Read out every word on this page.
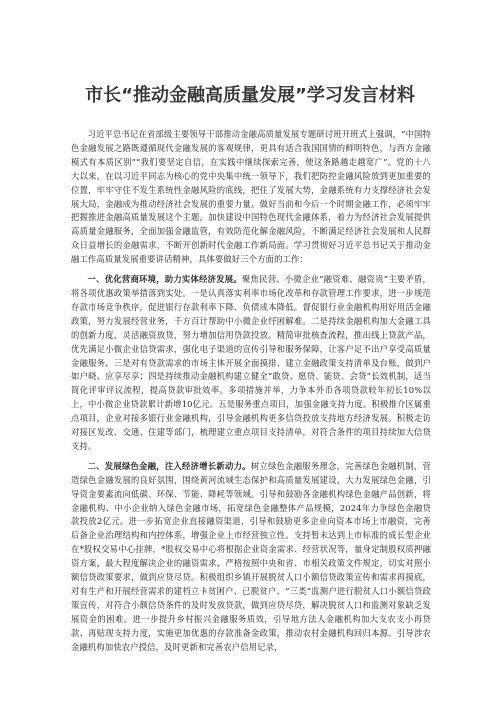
市长“推动金融高质量发展”学习发言材料

习近平总书记在省部级主要领导干部推动金融高质量发展专题研讨班开班式上强调，“中国特色金融发展之路既遵循现代金融发展的客观规律，更具有适合我国国情的鲜明特色，与西方金融模式有本质区别”“我们要坚定自信，在实践中继续探索完善，使这条路越走越宽广”。党的十八大以来，在以习近平同志为核心的党中央集中统一领导下，我们把防控金融风险放到更加重要的位置，牢牢守住不发生系统性金融风险的底线，把住了发展大势，金融系统有力支撑经济社会发展大局，金融成为推动经济社会发展的重要力量。做好当前和今后一个时期金融工作，必须牢牢把握推进金融高质量发展这个主题，加快建设中国特色现代金融体系，着力为经济社会发展提供高质量金融服务，全面加强金融监管，有效防范化解金融风险，不断满足经济社会发展和人民群众日益增长的金融需求，不断开创新时代金融工作新局面。学习贯彻好习近平总书记关于推动金融工作高质量发展重要讲话精神，具体要做好三个方面的工作：

一、优化营商环境，助力实体经济发展。聚焦民营、小微企业“融资难、融资贵”主要矛盾，将各项优惠政策举措落到实处。一是认真落实利率市场化改革和存款管理工作要求，进一步规范存款市场竞争秩序，促进银行存款利率下降、负债成本降低。督促银行业金融机构用好用活金融政策，努力发展经营业务，千方百计帮助中小微企业纾困解难。二是持续金融机构加大金融工具的创新力度，灵活融资放贷，努力增加信用贷款投放。精简审批核查流程，推出线上贷款产品，优先满足小微企业信贷需求，强化电子渠道的宣传引导和服务保障，让客户足不出户享受高质量金融服务。三是对有贷款需求的市场主体开展全面摸排、建立金融政策支持清单及台账，做到户如户晓、应享尽享；四是持续推动金融机构建立健全“敢贷、愿贷、能贷、会贷”长效机制，适当简化评审评议流程，提高贷款审批效率。多项措施并举，力争本外币各项贷款较年初长10%以上，中小微企业贷款累计新增10亿元。五是服务重点项目，加强金融支持力度。积极推介区属重点项目，企业对接多银行业金融机构，引导金融机构更多信贷投放支持地方经济发展。积极走访对接区发改、交通、住建等部门，梳理建立重点项目支持清单，对符合条件的项目持续加大信贷支持。

二、发展绿色金融，注入经济增长新动力。树立绿色金融服务理念，完善绿色金融机制，营造绿色金融发展的良好氛围，围绕黄河流域生态保护和高质量发展建设，大力发展绿色金融，引导资金要素流向低碳、环保、节能、降耗等领域。引导和鼓励各金融机构绿色金融产品创新，将金融机构、中小企业纳入绿色金融市场，拓宽绿色金融整体产品规模，2024年力争绿色金融贷款投放2亿元。进一步拓宽企业直接融资渠道，引导和鼓励更多企业向资本市场上市融资，完善后备企业治理结构和内控体系，增强企业上市经营独立性。支持暂未达到上市标准的成长型企业在*股权交易中心挂牌，*股权交易中心将根据企业资金需求、经营状况等，量身定制股权质押融资方案，最大程度解决企业的融资需求。严格按照中央和省、市相关政策文件规定，切实对照小额信贷政策要求，做到应贷尽贷。积极组织乡镇开展脱贫人口小额信贷政策宣传和需求再摸底，对有生产和开展经营需求的建档立卡贫困户、已脱贫户、“三类”监测户进行脱贫人口小额信贷政策宣传，对符合小额信贷条件的及时发放贷款，做到应贷尽贷，解决脱贫人口和监测对象缺乏发展资金的困难。进一步提升乡村振兴金融服务质效，引导地方法人金融机构加大支农支小再贷款、再贴现支持力度，实施更加优惠的存款准备金政策，推动农村金融机构回归本源。引导涉农金融机构加快农户授信，及时更新和完善农户信用记录，
